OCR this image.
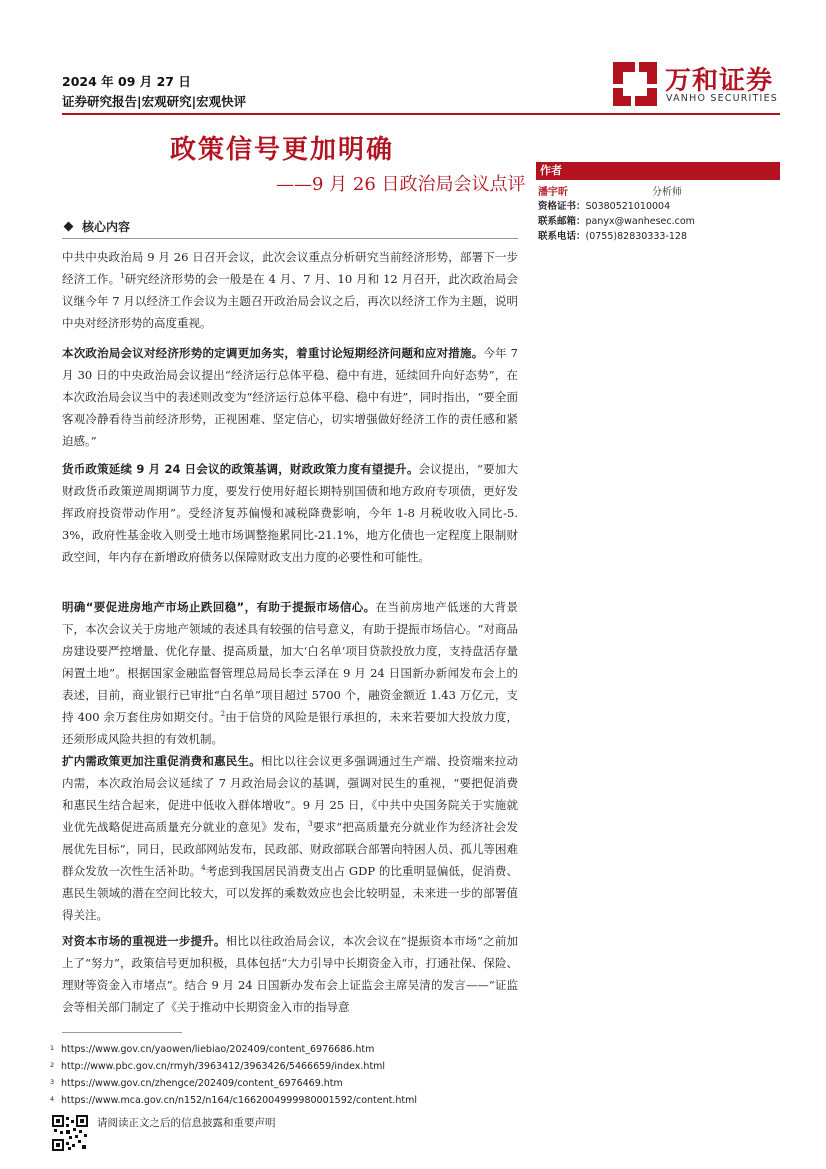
2024 年 09 月 27 日
证券研究报告|宏观研究|宏观快评
万和证券
VANHO SECURITIES
政策信号更加明确
——9 月 26 日政治局会议点评
作者
潘宇昕	分析师
资格证书：S0380521010004
联系邮箱：panyx@wanhesec.com
联系电话：(0755)82830333-128
核心内容
中共中央政治局 9 月 26 日召开会议，此次会议重点分析研究当前经济形势，部署下一步经济工作。$^1$研究经济形势的会一般是在 4 月、7 月、10 月和 12 月召开，此次政治局会议继今年 7 月以经济工作会议为主题召开政治局会议之后，再次以经济工作为主题，说明中央对经济形势的高度重视。
本次政治局会议对经济形势的定调更加务实，着重讨论短期经济问题和应对措施。今年 7 月 30 日的中央政治局会议提出“经济运行总体平稳、稳中有进，延续回升向好态势”，在本次政治局会议当中的表述则改变为“经济运行总体平稳、稳中有进”，同时指出，“要全面客观冷静看待当前经济形势，正视困难、坚定信心，切实增强做好经济工作的责任感和紧迫感。”
货币政策延续 9 月 24 日会议的政策基调，财政政策力度有望提升。会议提出，“要加大财政货币政策逆周期调节力度，要发行使用好超长期特别国债和地方政府专项债，更好发挥政府投资带动作用”。受经济复苏偏慢和减税降费影响，今年 1-8 月税收收入同比-5.3%，政府性基金收入则受土地市场调整拖累同比-21.1%，地方化债也一定程度上限制财政空间，年内存在新增政府债务以保障财政支出力度的必要性和可能性。
明确“要促进房地产市场止跌回稳”，有助于提振市场信心。在当前房地产低迷的大背景下，本次会议关于房地产领域的表述具有较强的信号意义，有助于提振市场信心。“对商品房建设要严控增量、优化存量、提高质量，加大‘白名单’项目贷款投放力度，支持盘活存量闲置土地”。根据国家金融监督管理总局局长李云泽在 9 月 24 日国新办新闻发布会上的表述，目前，商业银行已审批“白名单”项目超过 5700 个，融资金额近 1.43 万亿元，支持 400 余万套住房如期交付。$^2$由于信贷的风险是银行承担的，未来若要加大投放力度，还须形成风险共担的有效机制。
扩内需政策更加注重促消费和惠民生。相比以往会议更多强调通过生产端、投资端来拉动内需，本次政治局会议延续了 7 月政治局会议的基调，强调对民生的重视，“要把促消费和惠民生结合起来，促进中低收入群体增收”。9 月 25 日，《中共中央国务院关于实施就业优先战略促进高质量充分就业的意见》发布，$^3$要求“把高质量充分就业作为经济社会发展优先目标”，同日，民政部网站发布，民政部、财政部联合部署向特困人员、孤儿等困难群众发放一次性生活补助。$^4$考虑到我国居民消费支出占 GDP 的比重明显偏低，促消费、惠民生领域的潜在空间比较大，可以发挥的乘数效应也会比较明显，未来进一步的部署值得关注。
对资本市场的重视进一步提升。相比以往政治局会议，本次会议在“提振资本市场”之前加上了“努力”，政策信号更加积极，具体包括“大力引导中长期资金入市，打通社保、保险、理财等资金入市堵点”。结合 9 月 24 日国新办发布会上证监会主席吴清的发言——“证监会等相关部门制定了《关于推动中长期资金入市的指导意
1 https://www.gov.cn/yaowen/liebiao/202409/content_6976686.htm
2 http://www.pbc.gov.cn/rmyh/3963412/3963426/5466659/index.html
3 https://www.gov.cn/zhengce/202409/content_6976469.htm
4 https://www.mca.gov.cn/n152/n164/c1662004999980001592/content.html
请阅读正文之后的信息披露和重要声明
